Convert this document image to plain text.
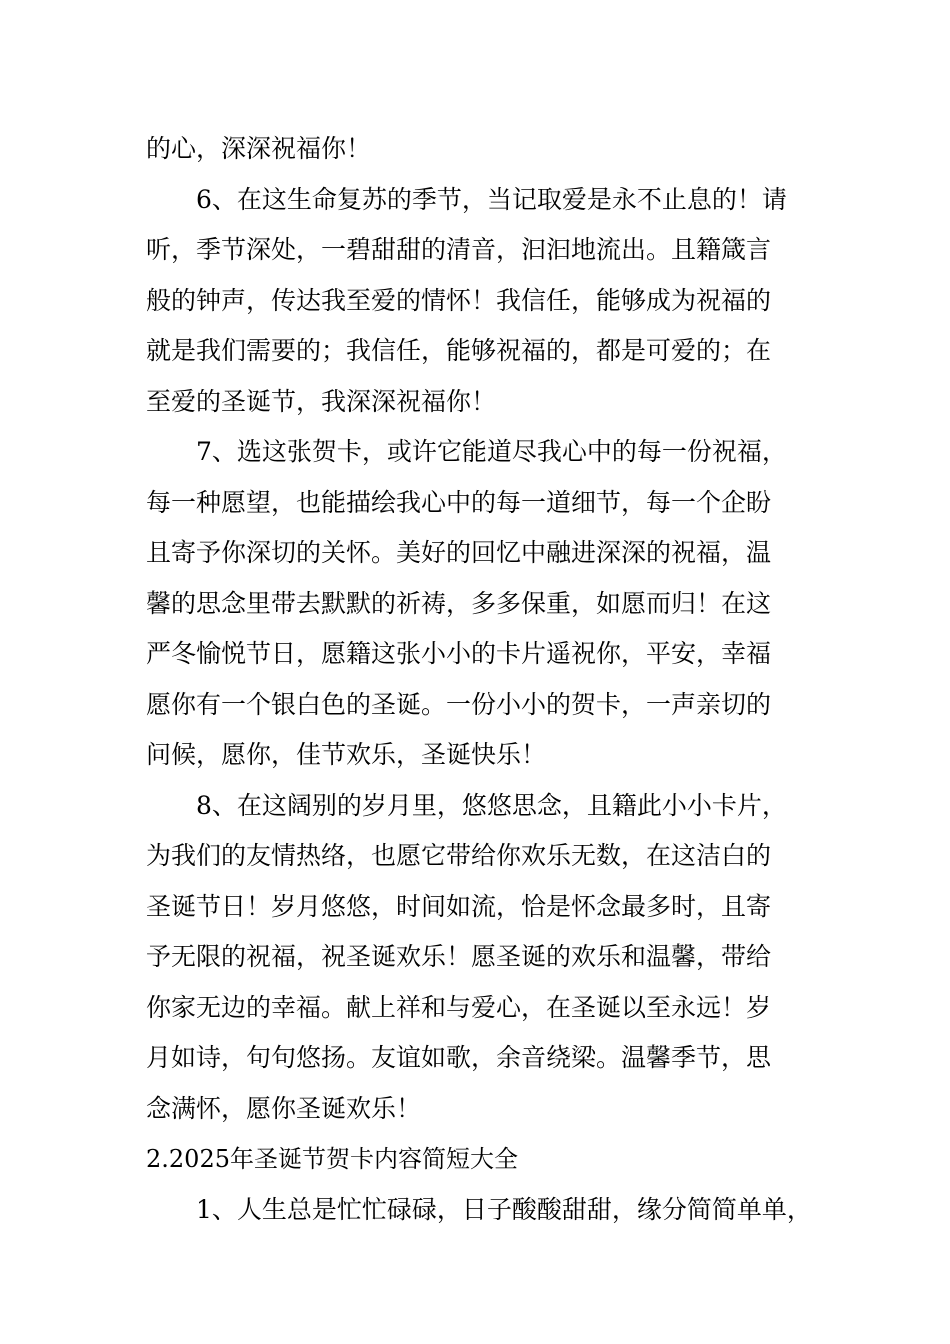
的心，深深祝福你！
6、在这生命复苏的季节，当记取爱是永不止息的！请
听，季节深处，一碧甜甜的清音，汩汩地流出。且籍箴言
般的钟声，传达我至爱的情怀！我信任，能够成为祝福的
就是我们需要的；我信任，能够祝福的，都是可爱的；在
至爱的圣诞节，我深深祝福你！
7、选这张贺卡，或许它能道尽我心中的每一份祝福，
每一种愿望，也能描绘我心中的每一道细节，每一个企盼
且寄予你深切的关怀。美好的回忆中融进深深的祝福，温
馨的思念里带去默默的祈祷，多多保重，如愿而归！在这
严冬愉悦节日，愿籍这张小小的卡片遥祝你，平安，幸福
愿你有一个银白色的圣诞。一份小小的贺卡，一声亲切的
问候，愿你，佳节欢乐，圣诞快乐！
8、在这阔别的岁月里，悠悠思念，且籍此小小卡片，
为我们的友情热络，也愿它带给你欢乐无数，在这洁白的
圣诞节日！岁月悠悠，时间如流，恰是怀念最多时，且寄
予无限的祝福，祝圣诞欢乐！愿圣诞的欢乐和温馨，带给
你家无边的幸福。献上祥和与爱心，在圣诞以至永远！岁
月如诗，句句悠扬。友谊如歌，余音绕梁。温馨季节，思
念满怀，愿你圣诞欢乐！
2.2025年圣诞节贺卡内容简短大全
1、人生总是忙忙碌碌，日子酸酸甜甜，缘分简简单单，
